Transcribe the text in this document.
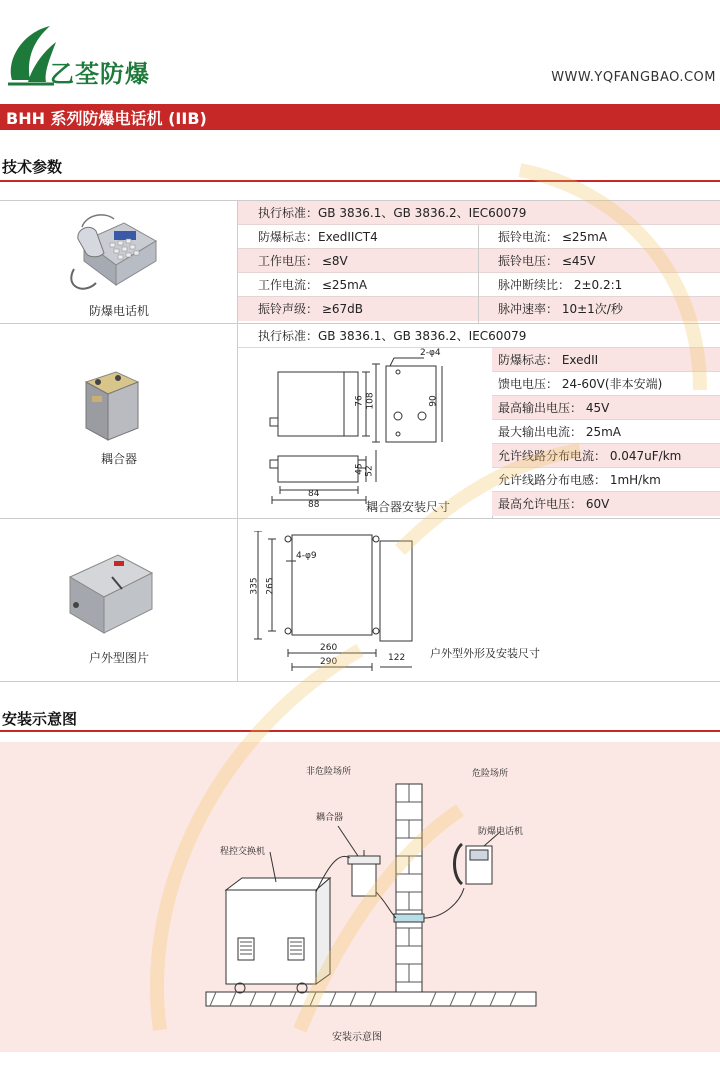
乙荃防爆	WWW.YQFANGBAO.COM
BHH 系列防爆电话机 (IIB)
技术参数
防爆电话机
执行标准：GB 3836.1、GB 3836.2、IEC60079
防爆标志：ExedIICT4	振铃电流： ≤25mA
工作电压： ≤8V	振铃电压： ≤45V
工作电流： ≤25mA	脉冲断续比： 2±0.2:1
振铃声级： ≥67dB	脉冲速率： 10±1次/秒
耦合器
执行标准：GB 3836.1、GB 3836.2、IEC60079
2-φ4
76 108	90
45 52
84
88	耦合器安装尺寸
防爆标志： ExedII
馈电电压： 24-60V(非本安端)
最高输出电压： 45V
最大输出电流： 25mA
允许线路分布电流： 0.047uF/km
允许线路分布电感： 1mH/km
最高允许电压： 60V
户外型图片
4-φ9
335 265
260
290	122 户外型外形及安装尺寸
安装示意图
非危险场所	危险场所
耦合器
防爆电话机
程控交换机
安装示意图
